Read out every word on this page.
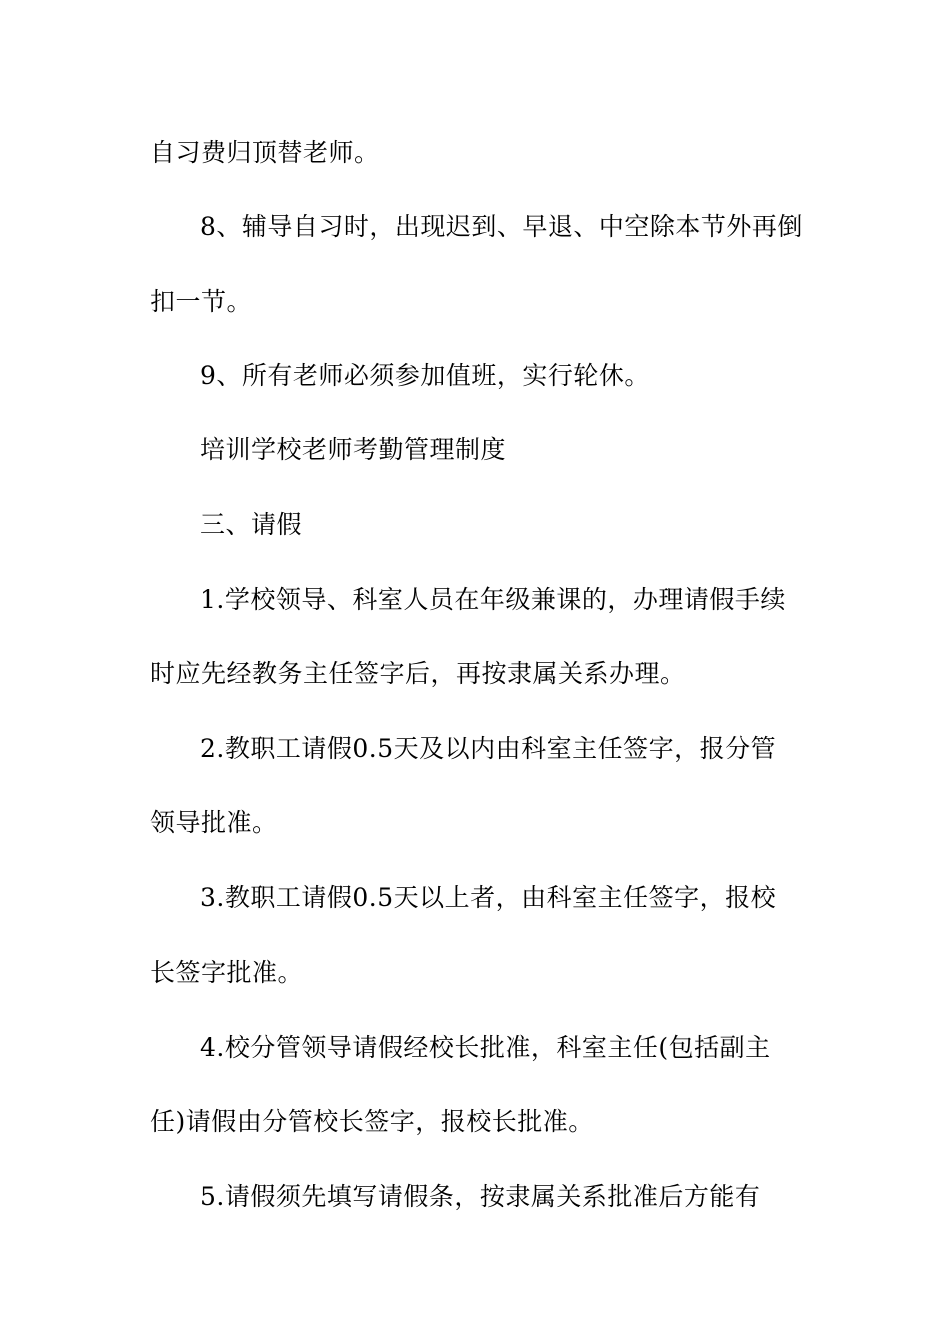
自习费归顶替老师。
8、辅导自习时，出现迟到、早退、中空除本节外再倒
扣一节。
9、所有老师必须参加值班，实行轮休。
培训学校老师考勤管理制度
三、请假
1.学校领导、科室人员在年级兼课的，办理请假手续
时应先经教务主任签字后，再按隶属关系办理。
2.教职工请假0.5天及以内由科室主任签字，报分管
领导批准。
3.教职工请假0.5天以上者，由科室主任签字，报校
长签字批准。
4.校分管领导请假经校长批准，科室主任(包括副主
任)请假由分管校长签字，报校长批准。
5.请假须先填写请假条，按隶属关系批准后方能有
